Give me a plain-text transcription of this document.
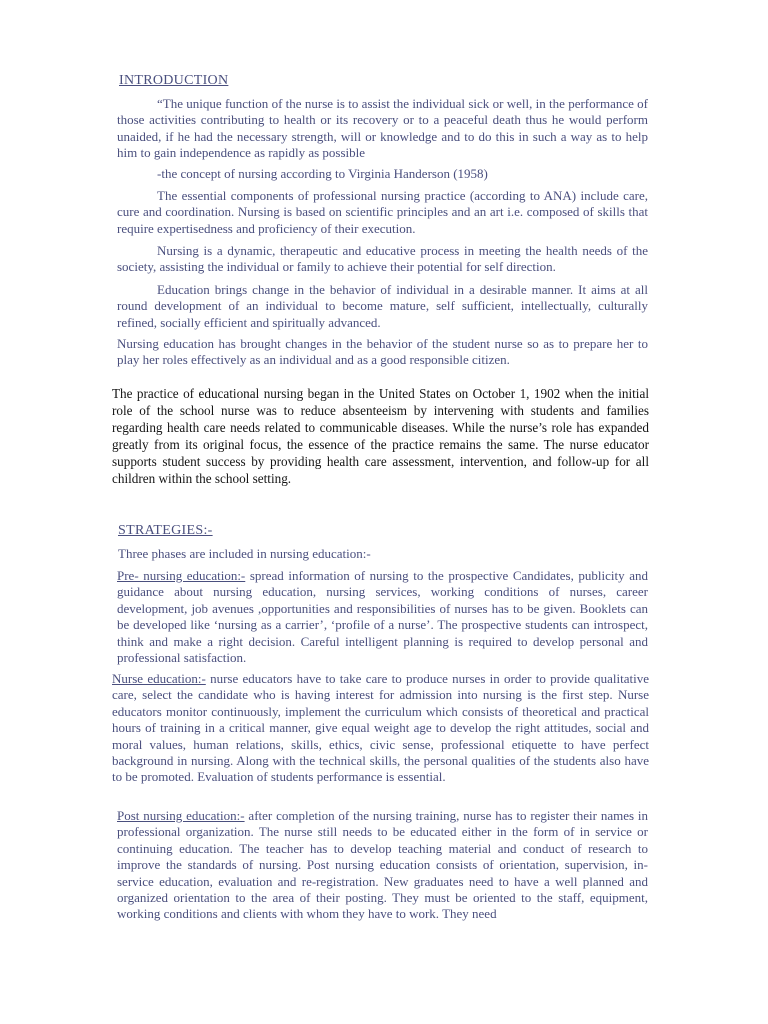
INTRODUCTION

“The unique function of the nurse is to assist the individual sick or well, in the performance of those activities contributing to health or its recovery or to a peaceful death thus he would perform unaided, if he had the necessary strength, will or knowledge and to do this in such a way as to help him to gain independence as rapidly as possible

-the concept of nursing according to Virginia Handerson (1958)

The essential components of professional nursing practice (according to ANA) include care, cure and coordination. Nursing is based on scientific principles and an art i.e. composed of skills that require expertisedness and proficiency of their execution.

Nursing is a dynamic, therapeutic and educative process in meeting the health needs of the society, assisting the individual or family to achieve their potential for self direction.

Education brings change in the behavior of individual in a desirable manner. It aims at all round development of an individual to become mature, self sufficient, intellectually, culturally refined, socially efficient and spiritually advanced.

Nursing education has brought changes in the behavior of the student nurse so as to prepare her to play her roles effectively as an individual and as a good responsible citizen.

The practice of educational nursing began in the United States on October 1, 1902 when the initial role of the school nurse was to reduce absenteeism by intervening with students and families regarding health care needs related to communicable diseases. While the nurse’s role has expanded greatly from its original focus, the essence of the practice remains the same. The nurse educator supports student success by providing health care assessment, intervention, and follow-up for all children within the school setting.

STRATEGIES:-

Three phases are included in nursing education:-

Pre- nursing education:- spread information of nursing to the prospective Candidates, publicity and guidance about nursing education, nursing services, working conditions of nurses, career development, job avenues ,opportunities and responsibilities of nurses has to be given. Booklets can be developed like ‘nursing as a carrier’, ‘profile of a nurse’. The prospective students can introspect, think and make a right decision. Careful intelligent planning is required to develop personal and professional satisfaction.

Nurse education:- nurse educators have to take care to produce nurses in order to provide qualitative care, select the candidate who is having interest for admission into nursing is the first step. Nurse educators monitor continuously, implement the curriculum which consists of theoretical and practical hours of training in a critical manner, give equal weight age to develop the right attitudes, social and moral values, human relations, skills, ethics, civic sense, professional etiquette to have perfect background in nursing. Along with the technical skills, the personal qualities of the students also have to be promoted. Evaluation of students performance is essential.

Post nursing education:- after completion of the nursing training, nurse has to register their names in professional organization. The nurse still needs to be educated either in the form of in service or continuing education. The teacher has to develop teaching material and conduct of research to improve the standards of nursing. Post nursing education consists of orientation, supervision, in-service education, evaluation and re-registration. New graduates need to have a well planned and organized orientation to the area of their posting. They must be oriented to the staff, equipment, working conditions and clients with whom they have to work. They need
